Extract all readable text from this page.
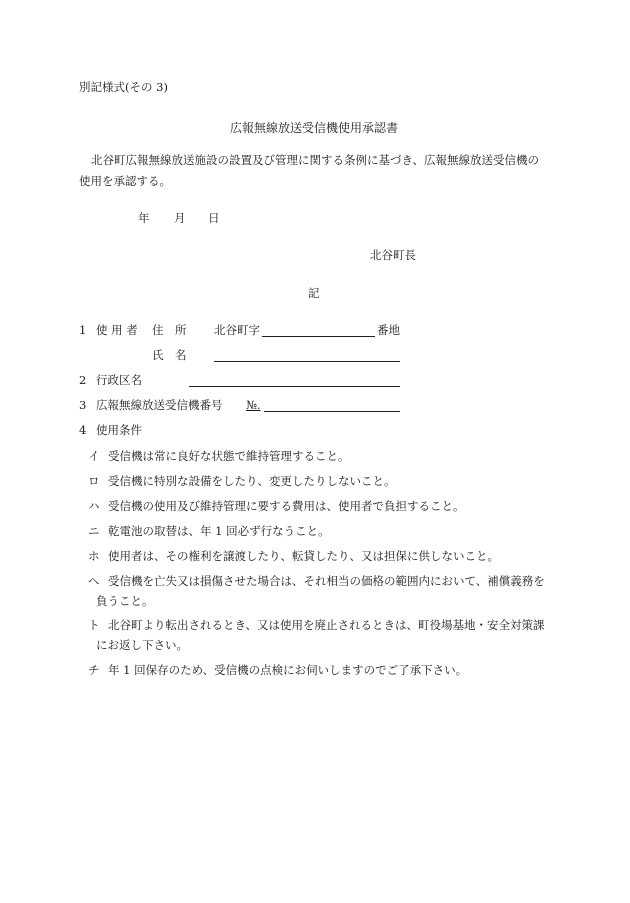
別記様式(その 3)
広報無線放送受信機使用承認書
北谷町広報無線放送施設の設置及び管理に関する条例に基づき、広報無線放送受信機の
使用を承認する。
年 月 日
北谷町長
記
1 使 用 者 住　所 北谷町字	番地
氏　名
2 行政区名
3 広報無線放送受信機番号 №.
4 使用条件
イ 受信機は常に良好な状態で維持管理すること。
ロ 受信機に特別な設備をしたり、変更したりしないこと。
ハ 受信機の使用及び維持管理に要する費用は、使用者で負担すること。
ニ 乾電池の取替は、年 1 回必ず行なうこと。
ホ 使用者は、その権利を譲渡したり、転貸したり、又は担保に供しないこと。
へ 受信機を亡失又は損傷させた場合は、それ相当の価格の範囲内において、補償義務を
負うこと。
ト 北谷町より転出されるとき、又は使用を廃止されるときは、町役場基地・安全対策課
にお返し下さい。
チ 年 1 回保存のため、受信機の点検にお伺いしますのでご了承下さい。
